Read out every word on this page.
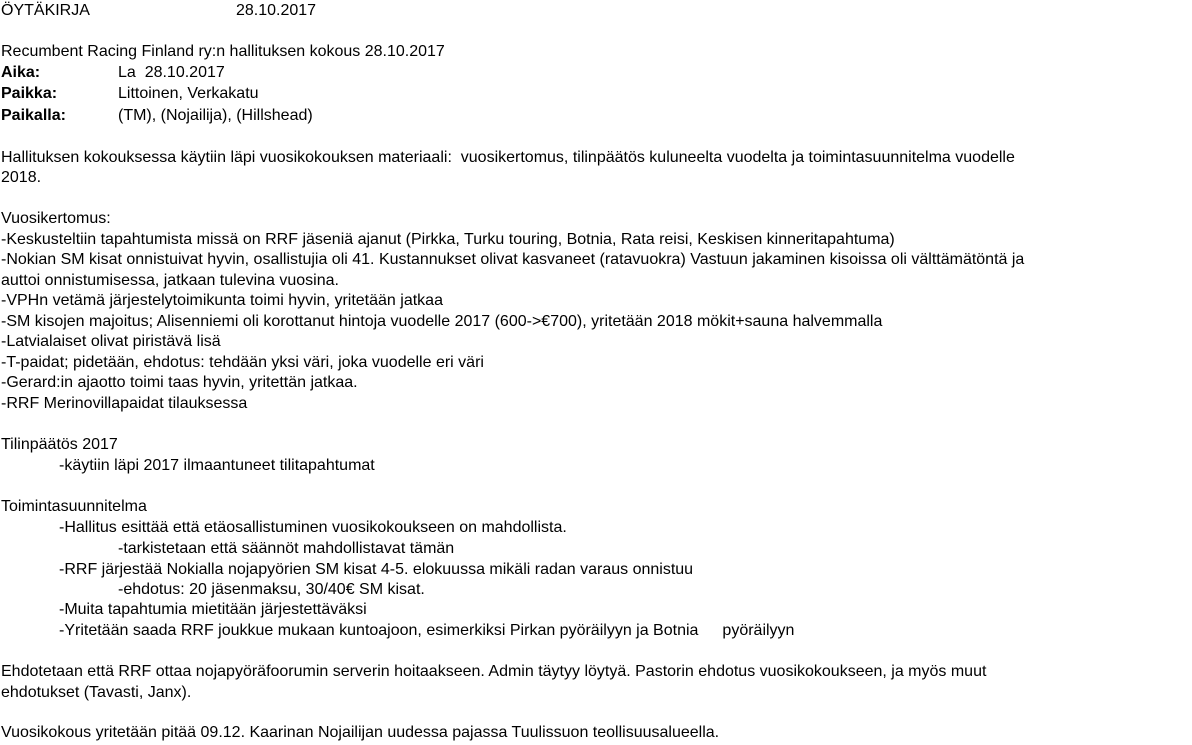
ÖYTÄKIRJA	28.10.2017
Recumbent Racing Finland ry:n hallituksen kokous 28.10.2017
Aika:	La  28.10.2017
Paikka:	Littoinen, Verkakatu
Paikalla:	(TM), (Nojailija), (Hillshead)
Hallituksen kokouksessa käytiin läpi vuosikokouksen materiaali:  vuosikertomus, tilinpäätös kuluneelta vuodelta ja toimintasuunnitelma vuodelle
2018.
Vuosikertomus:
-Keskusteltiin tapahtumista missä on RRF jäseniä ajanut (Pirkka, Turku touring, Botnia, Rata reisi, Keskisen kinneritapahtuma)
-Nokian SM kisat onnistuivat hyvin, osallistujia oli 41. Kustannukset olivat kasvaneet (ratavuokra) Vastuun jakaminen kisoissa oli välttämätöntä ja
auttoi onnistumisessa, jatkaan tulevina vuosina.
-VPHn vetämä järjestelytoimikunta toimi hyvin, yritetään jatkaa
-SM kisojen majoitus; Alisenniemi oli korottanut hintoja vuodelle 2017 (600->€700), yritetään 2018 mökit+sauna halvemmalla
-Latvialaiset olivat piristävä lisä
-T-paidat; pidetään, ehdotus: tehdään yksi väri, joka vuodelle eri väri
-Gerard:in ajaotto toimi taas hyvin, yritettän jatkaa.
-RRF Merinovillapaidat tilauksessa
Tilinpäätös 2017
-käytiin läpi 2017 ilmaantuneet tilitapahtumat
Toimintasuunnitelma
-Hallitus esittää että etäosallistuminen vuosikokoukseen on mahdollista.
-tarkistetaan että säännöt mahdollistavat tämän
-RRF järjestää Nokialla nojapyörien SM kisat 4-5. elokuussa mikäli radan varaus onnistuu
-ehdotus: 20 jäsenmaksu, 30/40€ SM kisat.
-Muita tapahtumia mietitään järjestettäväksi
-Yritetään saada RRF joukkue mukaan kuntoajoon, esimerkiksi Pirkan pyöräilyyn ja Botnia pyöräilyyn
Ehdotetaan että RRF ottaa nojapyöräfoorumin serverin hoitaakseen. Admin täytyy löytyä. Pastorin ehdotus vuosikokoukseen, ja myös muut
ehdotukset (Tavasti, Janx).
Vuosikokous yritetään pitää 09.12. Kaarinan Nojailijan uudessa pajassa Tuulissuon teollisuusalueella.
